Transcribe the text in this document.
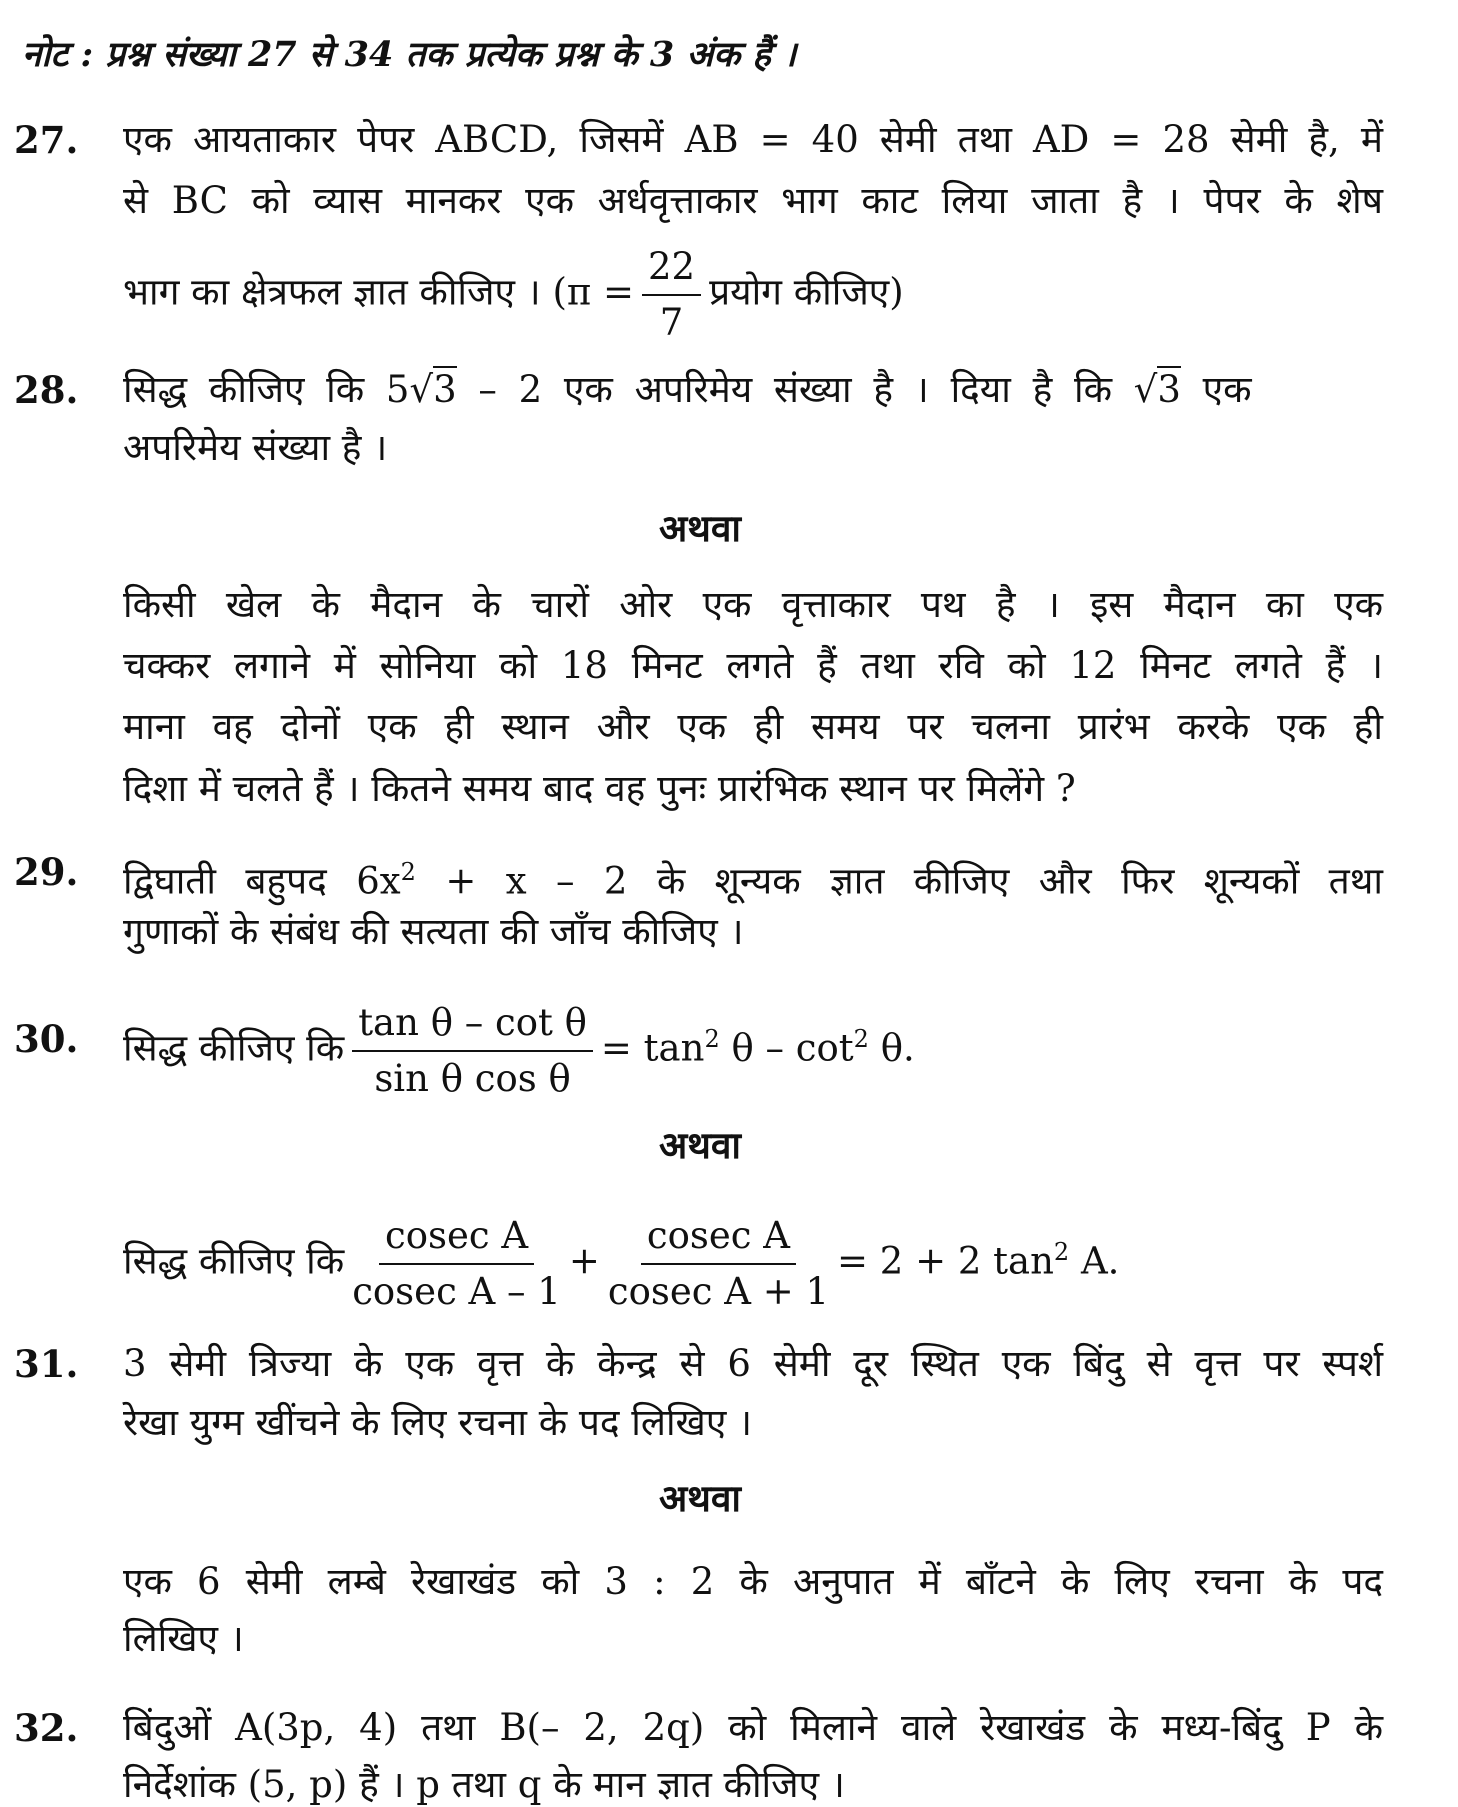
नोट : प्रश्न संख्या 27 से 34 तक प्रत्येक प्रश्न के 3 अंक हैं ।
27. एक आयताकार पेपर ABCD, जिसमें AB = 40 सेमी तथा AD = 28 सेमी है, में
से BC को व्यास मानकर एक अर्धवृत्ताकार भाग काट लिया जाता है । पेपर के शेष
भाग का क्षेत्रफल ज्ञात कीजिए । ($\pi = \frac{22}{7}$ प्रयोग कीजिए)
28. सिद्ध कीजिए कि 5√3 – 2 एक अपरिमेय संख्या है । दिया है कि √3 एक
अपरिमेय संख्या है ।
अथवा
किसी खेल के मैदान के चारों ओर एक वृत्ताकार पथ है । इस मैदान का एक
चक्कर लगाने में सोनिया को 18 मिनट लगते हैं तथा रवि को 12 मिनट लगते हैं ।
माना वह दोनों एक ही स्थान और एक ही समय पर चलना प्रारंभ करके एक ही
दिशा में चलते हैं । कितने समय बाद वह पुनः प्रारंभिक स्थान पर मिलेंगे ?
29. द्विघाती बहुपद $6x^2 + x - 2$ के शून्यक ज्ञात कीजिए और फिर शून्यकों तथा
गुणाकों के संबंध की सत्यता की जाँच कीजिए ।
30. सिद्ध कीजिए कि $\frac{\text{tan θ – cot θ}}{\text{sin θ cos θ}} = \tan^2 \theta - \cot^2 \theta$.
अथवा
सिद्ध कीजिए कि $\frac{\text{cosec A}}{\text{cosec A – 1}} + \frac{\text{cosec A}}{\text{cosec A + 1}} = 2 + 2$ $\tan^2 A$.
31. 3 सेमी त्रिज्या के एक वृत्त के केन्द्र से 6 सेमी दूर स्थित एक बिंदु से वृत्त पर स्पर्श
रेखा युग्म खींचने के लिए रचना के पद लिखिए ।
अथवा
एक 6 सेमी लम्बे रेखाखंड को 3 : 2 के अनुपात में बाँटने के लिए रचना के पद
लिखिए ।
32. बिंदुओं A(3p, 4) तथा B(– 2, 2q) को मिलाने वाले रेखाखंड के मध्य-बिंदु P के
निर्देशांक (5, p) हैं । p तथा q के मान ज्ञात कीजिए ।
